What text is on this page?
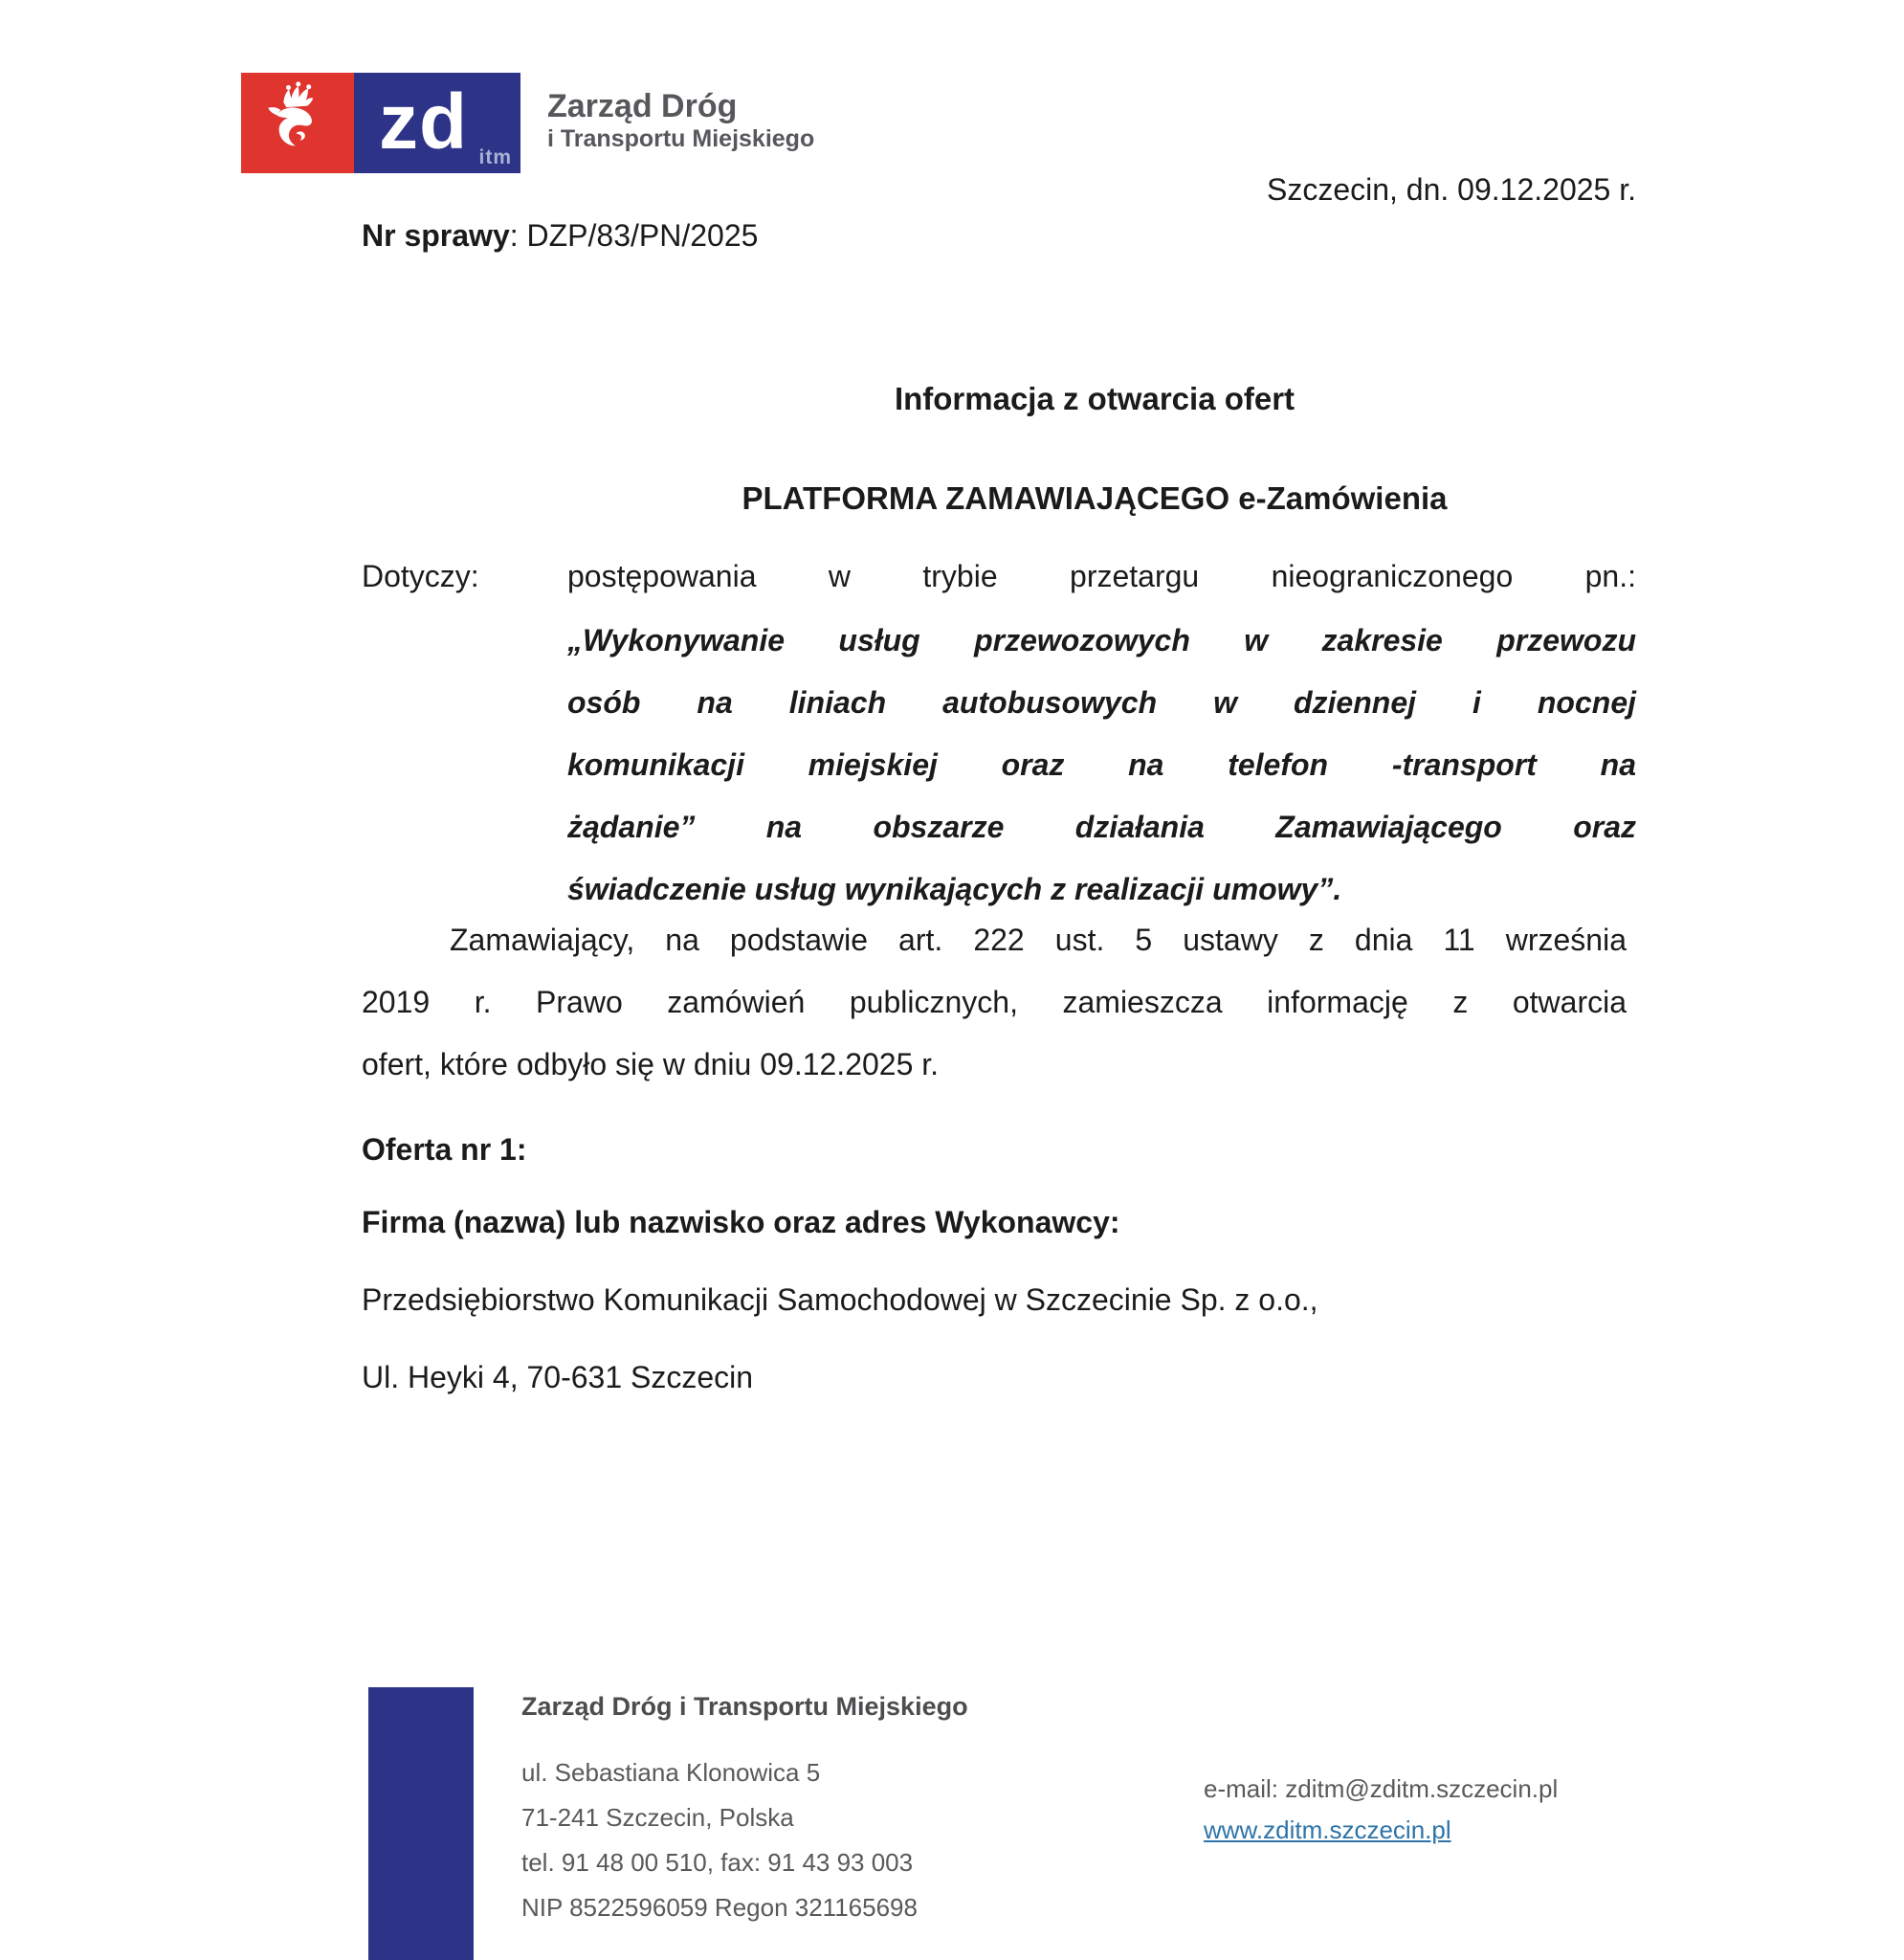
zd itm
Zarząd Dróg
i Transportu Miejskiego
Szczecin, dn. 09.12.2025 r.
Nr sprawy: DZP/83/PN/2025
Informacja z otwarcia ofert
PLATFORMA ZAMAWIAJĄCEGO e-Zamówienia
Dotyczy:	postępowania w trybie przetargu nieograniczonego pn.:
„Wykonywanie usług przewozowych w zakresie przewozu
osób na liniach autobusowych w dziennej i nocnej
komunikacji miejskiej oraz na telefon -transport na
żądanie” na obszarze działania Zamawiającego oraz
świadczenie usług wynikających z realizacji umowy”.
Zamawiający, na podstawie art. 222 ust. 5 ustawy z dnia 11 września
2019 r. Prawo zamówień publicznych, zamieszcza informację z otwarcia
ofert, które odbyło się w dniu 09.12.2025 r.
Oferta nr 1:
Firma (nazwa) lub nazwisko oraz adres Wykonawcy:
Przedsiębiorstwo Komunikacji Samochodowej w Szczecinie Sp. z o.o.,
Ul. Heyki 4, 70-631 Szczecin
Zarząd Dróg i Transportu Miejskiego
ul. Sebastiana Klonowica 5
71-241 Szczecin, Polska
tel. 91 48 00 510, fax: 91 43 93 003
NIP 8522596059 Regon 321165698
e-mail: zditm@zditm.szczecin.pl
www.zditm.szczecin.pl
